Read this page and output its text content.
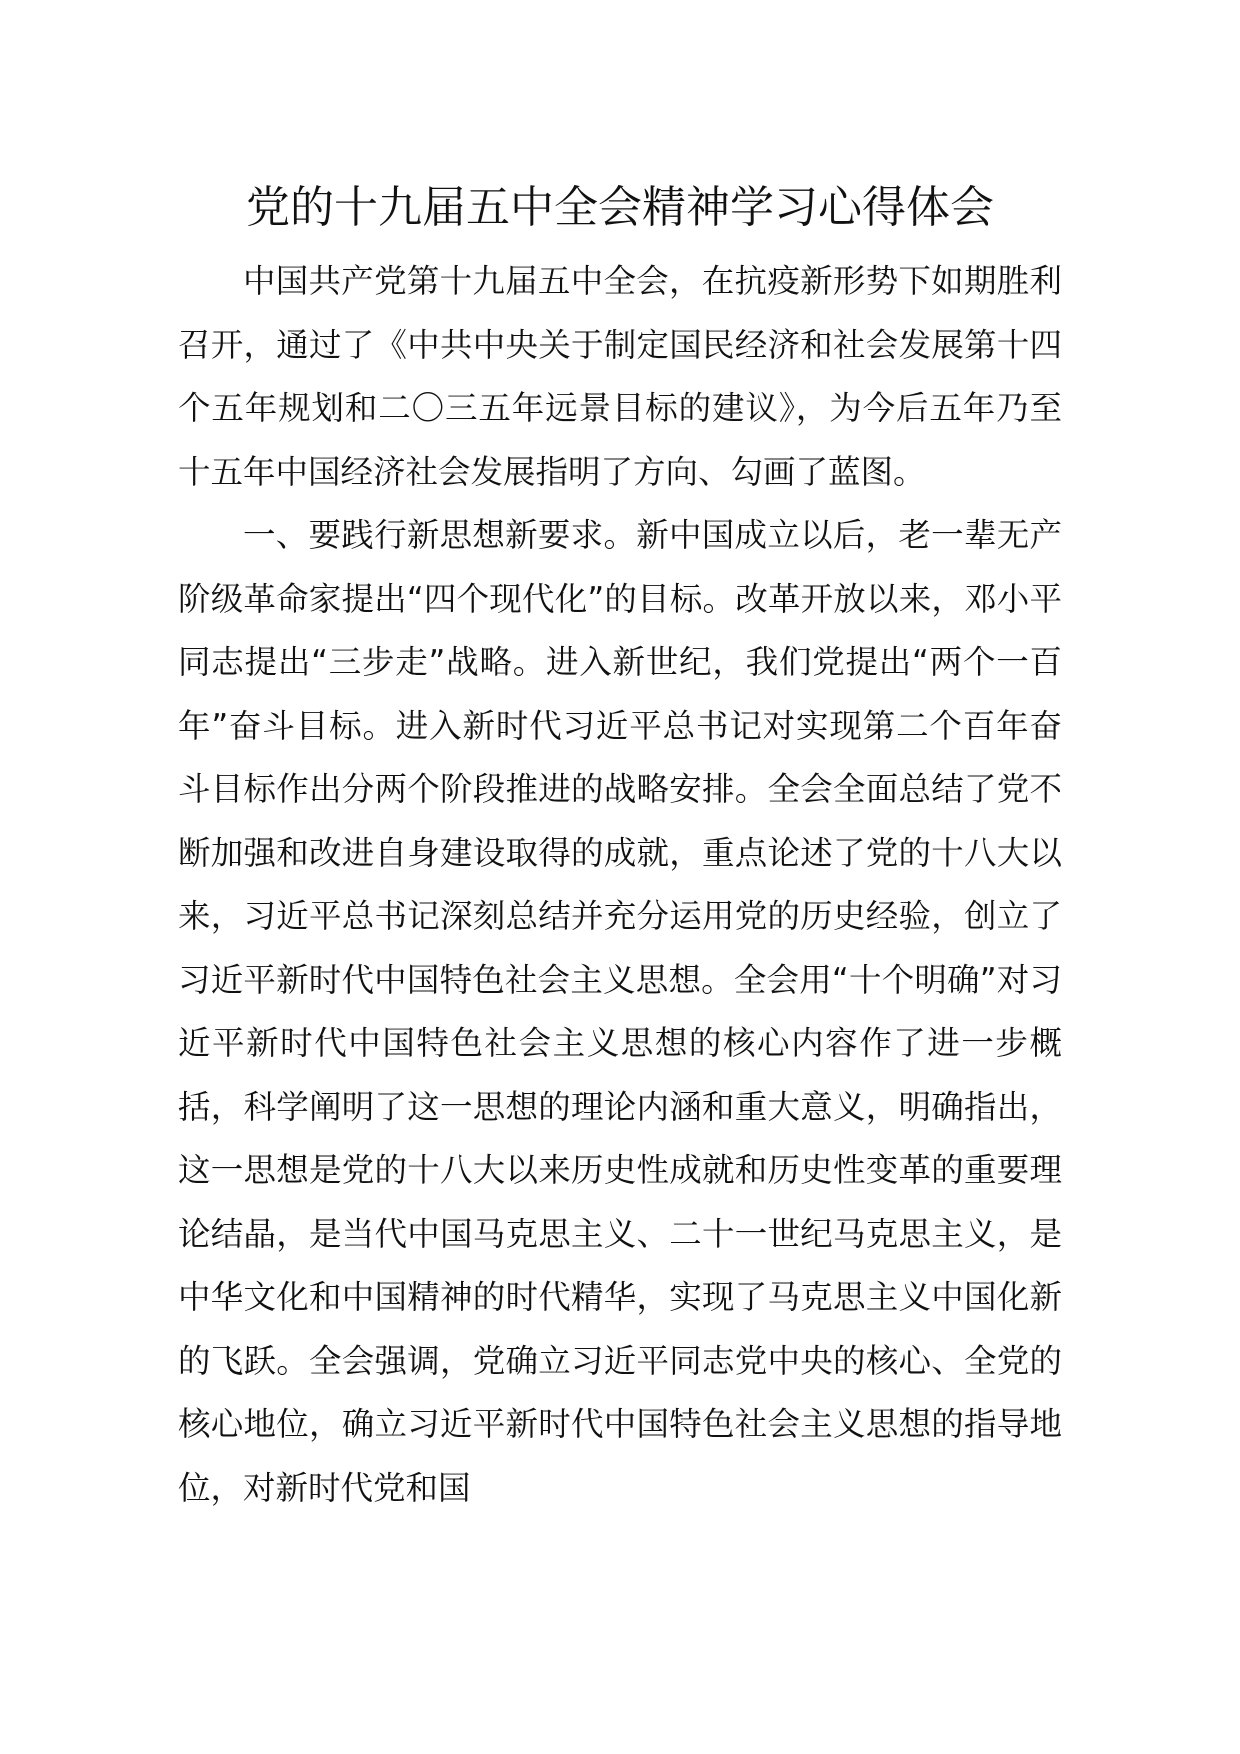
党的十九届五中全会精神学习心得体会

中国共产党第十九届五中全会，在抗疫新形势下如期胜利召开，通过了《中共中央关于制定国民经济和社会发展第十四个五年规划和二〇三五年远景目标的建议》，为今后五年乃至十五年中国经济社会发展指明了方向、勾画了蓝图。

一、要践行新思想新要求。新中国成立以后，老一辈无产阶级革命家提出“四个现代化”的目标。改革开放以来，邓小平同志提出“三步走”战略。进入新世纪，我们党提出“两个一百年”奋斗目标。进入新时代习近平总书记对实现第二个百年奋斗目标作出分两个阶段推进的战略安排。全会全面总结了党不断加强和改进自身建设取得的成就，重点论述了党的十八大以来，习近平总书记深刻总结并充分运用党的历史经验，创立了习近平新时代中国特色社会主义思想。全会用“十个明确”对习近平新时代中国特色社会主义思想的核心内容作了进一步概括，科学阐明了这一思想的理论内涵和重大意义，明确指出，这一思想是党的十八大以来历史性成就和历史性变革的重要理论结晶，是当代中国马克思主义、二十一世纪马克思主义，是中华文化和中国精神的时代精华，实现了马克思主义中国化新的飞跃。全会强调，党确立习近平同志党中央的核心、全党的核心地位，确立习近平新时代中国特色社会主义思想的指导地位，对新时代党和国
